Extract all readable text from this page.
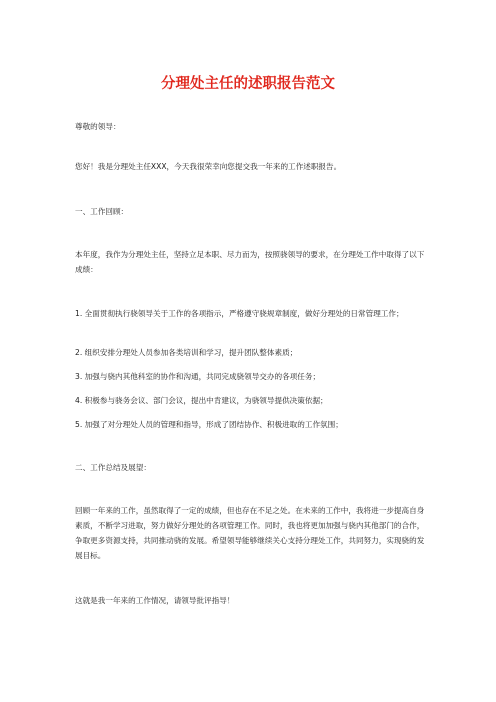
分理处主任的述职报告范文
尊敬的领导：
您好！我是分理处主任XXX，今天我很荣幸向您提交我一年来的工作述职报告。
一、工作回顾：
本年度，我作为分理处主任，坚持立足本职、尽力而为，按照骁领导的要求，在分理处工作中取得了以下成绩：
1. 全面贯彻执行骁领导关于工作的各项指示，严格遵守骁规章制度，做好分理处的日常管理工作；
2. 组织安排分理处人员参加各类培训和学习，提升团队整体素质；
3. 加强与骁内其他科室的协作和沟通，共同完成骁领导交办的各项任务；
4. 积极参与骁务会议、部门会议，提出中肯建议，为骁领导提供决策依据；
5. 加强了对分理处人员的管理和指导，形成了团结协作、积极进取的工作氛围；
二、工作总结及展望：
回顾一年来的工作，虽然取得了一定的成绩，但也存在不足之处。在未来的工作中，我将进一步提高自身素质，不断学习进取，努力做好分理处的各项管理工作。同时，我也将更加加强与骁内其他部门的合作，争取更多资源支持，共同推动骁的发展。希望领导能够继续关心支持分理处工作，共同努力，实现骁的发展目标。
这就是我一年来的工作情况，请领导批评指导！
